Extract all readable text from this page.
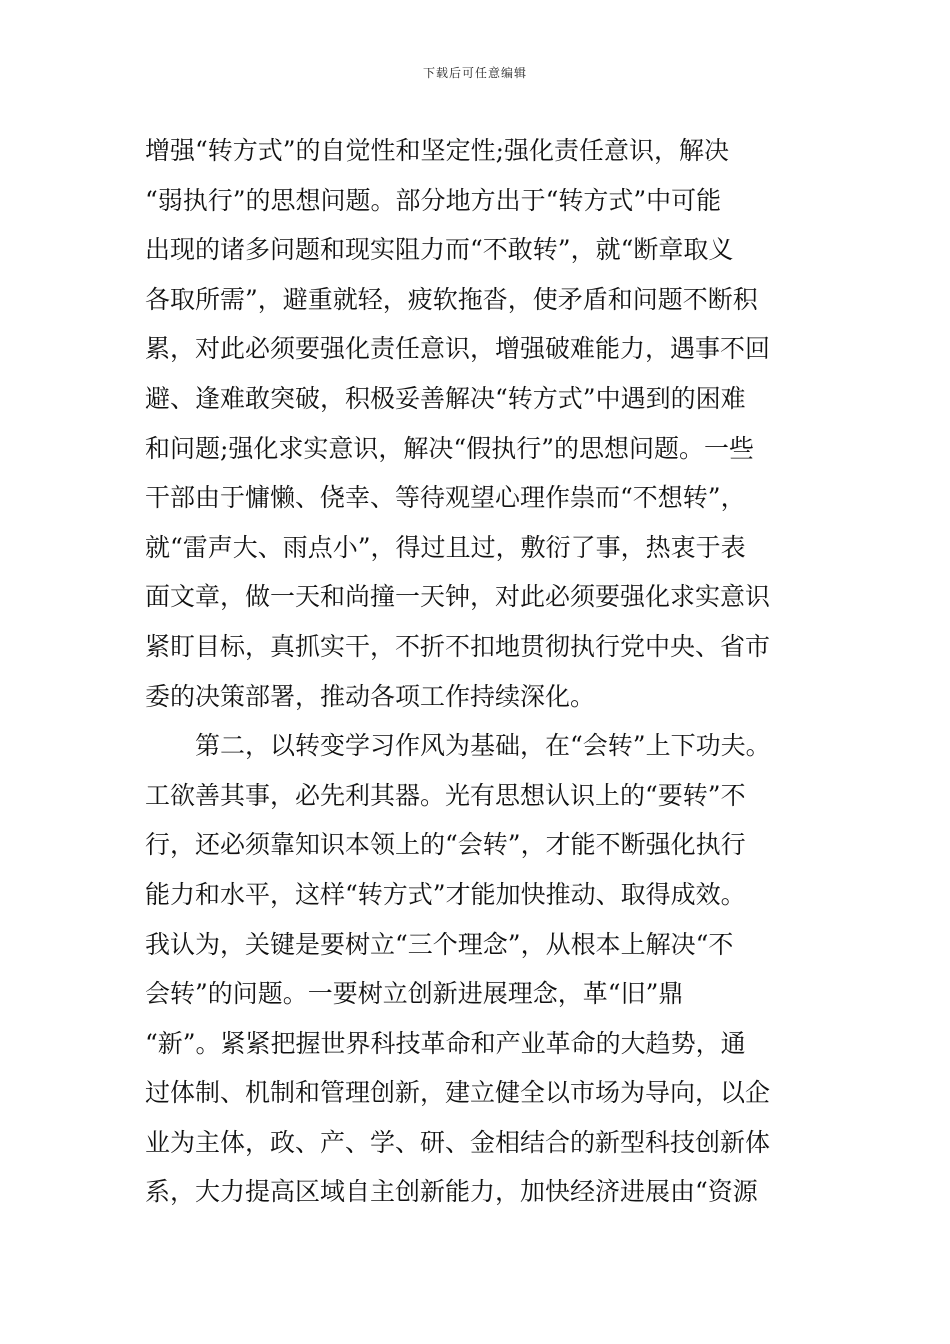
下载后可任意编辑
增强“转方式”的自觉性和坚定性;强化责任意识，解决
“弱执行”的思想问题。部分地方出于“转方式”中可能
出现的诸多问题和现实阻力而“不敢转”，就“断章取义
各取所需”，避重就轻，疲软拖沓，使矛盾和问题不断积
累，对此必须要强化责任意识，增强破难能力，遇事不回
避、逢难敢突破，积极妥善解决“转方式”中遇到的困难
和问题;强化求实意识，解决“假执行”的思想问题。一些
干部由于慵懒、侥幸、等待观望心理作祟而“不想转”，
就“雷声大、雨点小”，得过且过，敷衍了事，热衷于表
面文章，做一天和尚撞一天钟，对此必须要强化求实意识
紧盯目标，真抓实干，不折不扣地贯彻执行党中央、省市
委的决策部署，推动各项工作持续深化。
第二，以转变学习作风为基础，在“会转”上下功夫。
工欲善其事，必先利其器。光有思想认识上的“要转”不
行，还必须靠知识本领上的“会转”，才能不断强化执行
能力和水平，这样“转方式”才能加快推动、取得成效。
我认为，关键是要树立“三个理念”，从根本上解决“不
会转”的问题。一要树立创新进展理念，革“旧”鼎
“新”。紧紧把握世界科技革命和产业革命的大趋势，通
过体制、机制和管理创新，建立健全以市场为导向，以企
业为主体，政、产、学、研、金相结合的新型科技创新体
系，大力提高区域自主创新能力，加快经济进展由“资源
